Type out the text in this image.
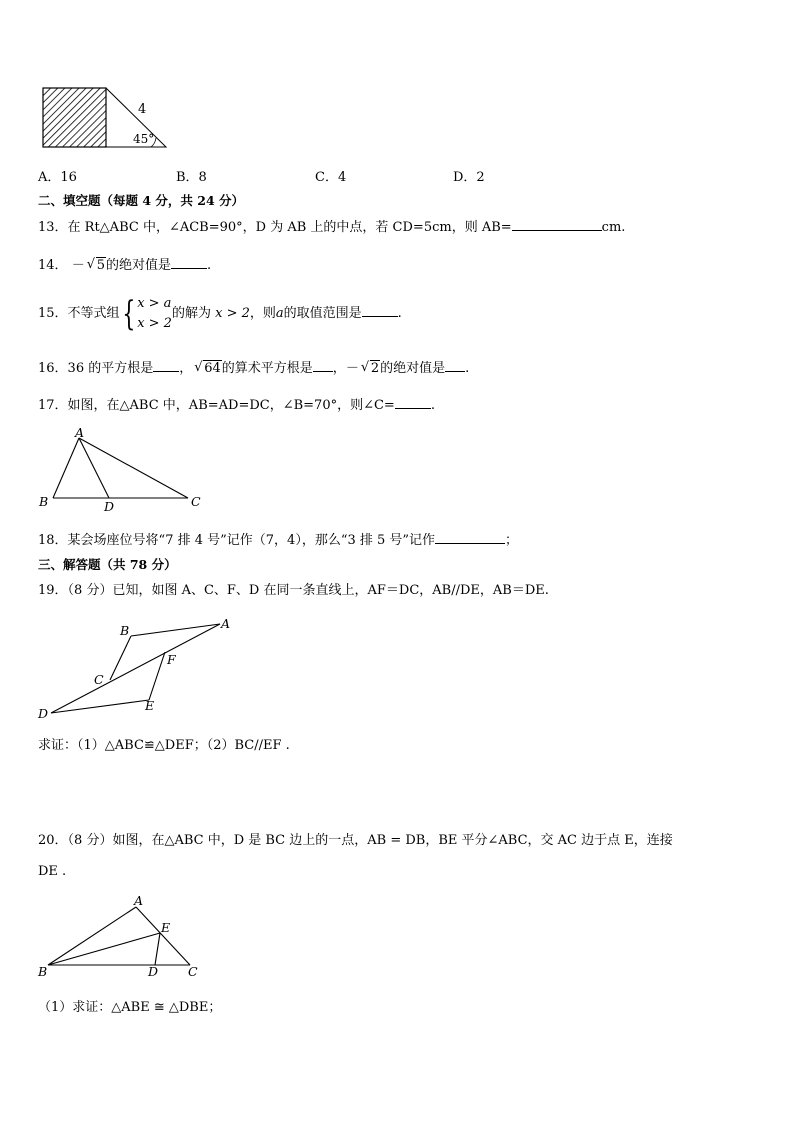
4
45°
A．16	B．8	C．4	D．2
二、填空题（每题 4 分，共 24 分）
13．在 Rt△ABC 中，∠ACB=90°，D 为 AB 上的中点，若 CD=5cm，则 AB=	cm.
14． － √ 5的绝对值是	.
15．不等式组{ x > a
x > 2的解为 x > 2，则a的取值范围是	.
16．36 的平方根是 ， √ 64的算术平方根是 ，－ √ 2的绝对值是 .
17．如图，在△ABC 中，AB=AD=DC，∠B=70°，则∠C=	.
A
B	D	C
18．某会场座位号将“7 排 4 号”记作（7，4），那么“3 排 5 号”记作	；
三、解答题（共 78 分）
19．（8 分）已知，如图 A、C、F、D 在同一条直线上，AF＝DC，AB//DE，AB＝DE.
B	A
F
C
E
D
求证：（1）△ABC≌△DEF；（2）BC//EF .
20．（8 分）如图，在△ABC 中，D 是 BC 边上的一点，AB = DB，BE 平分∠ABC，交 AC 边于点 E，连接
DE .
A
E
B	D C
（1）求证：△ABE ≅ △DBE；
